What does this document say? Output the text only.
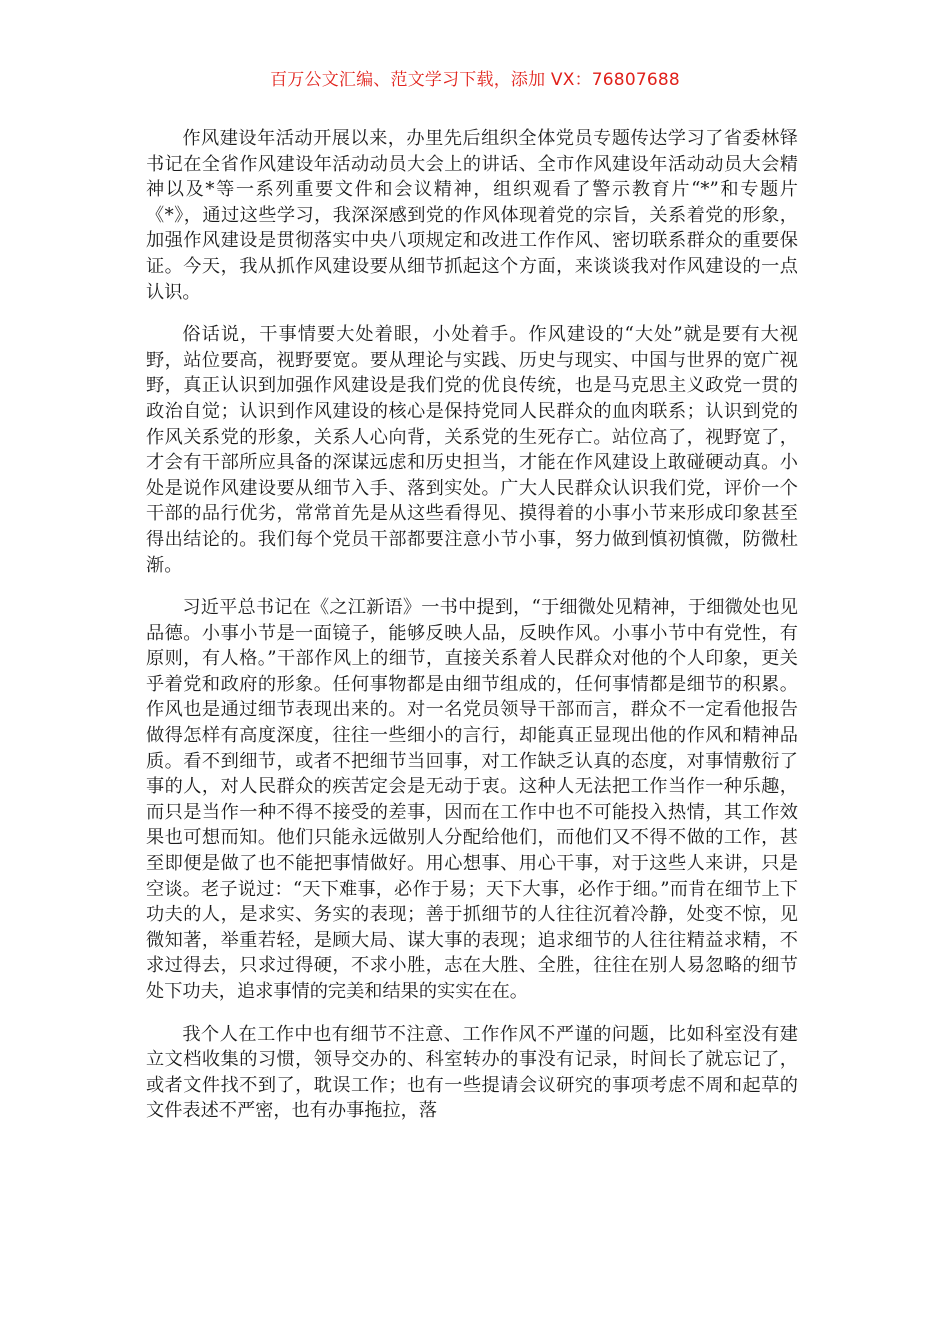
百万公文汇编、范文学习下载，添加 VX：76807688

作风建设年活动开展以来，办里先后组织全体党员专题传达学习了省委林铎书记在全省作风建设年活动动员大会上的讲话、全市作风建设年活动动员大会精神以及*等一系列重要文件和会议精神，组织观看了警示教育片“*”和专题片《*》，通过这些学习，我深深感到党的作风体现着党的宗旨，关系着党的形象，加强作风建设是贯彻落实中央八项规定和改进工作作风、密切联系群众的重要保证。今天，我从抓作风建设要从细节抓起这个方面，来谈谈我对作风建设的一点认识。

俗话说，干事情要大处着眼，小处着手。作风建设的“大处”就是要有大视野，站位要高，视野要宽。要从理论与实践、历史与现实、中国与世界的宽广视野，真正认识到加强作风建设是我们党的优良传统，也是马克思主义政党一贯的政治自觉；认识到作风建设的核心是保持党同人民群众的血肉联系；认识到党的作风关系党的形象，关系人心向背，关系党的生死存亡。站位高了，视野宽了，才会有干部所应具备的深谋远虑和历史担当，才能在作风建设上敢碰硬动真。小处是说作风建设要从细节入手、落到实处。广大人民群众认识我们党，评价一个干部的品行优劣，常常首先是从这些看得见、摸得着的小事小节来形成印象甚至得出结论的。我们每个党员干部都要注意小节小事，努力做到慎初慎微，防微杜渐。

习近平总书记在《之江新语》一书中提到，“于细微处见精神，于细微处也见品德。小事小节是一面镜子，能够反映人品，反映作风。小事小节中有党性，有原则，有人格。”干部作风上的细节，直接关系着人民群众对他的个人印象，更关乎着党和政府的形象。任何事物都是由细节组成的，任何事情都是细节的积累。作风也是通过细节表现出来的。对一名党员领导干部而言，群众不一定看他报告做得怎样有高度深度，往往一些细小的言行，却能真正显现出他的作风和精神品质。看不到细节，或者不把细节当回事，对工作缺乏认真的态度，对事情敷衍了事的人，对人民群众的疾苦定会是无动于衷。这种人无法把工作当作一种乐趣，而只是当作一种不得不接受的差事，因而在工作中也不可能投入热情，其工作效果也可想而知。他们只能永远做别人分配给他们，而他们又不得不做的工作，甚至即便是做了也不能把事情做好。用心想事、用心干事，对于这些人来讲，只是空谈。老子说过：“天下难事，必作于易；天下大事，必作于细。”而肯在细节上下功夫的人，是求实、务实的表现；善于抓细节的人往往沉着冷静，处变不惊，见微知著，举重若轻，是顾大局、谋大事的表现；追求细节的人往往精益求精，不求过得去，只求过得硬，不求小胜，志在大胜、全胜，往往在别人易忽略的细节处下功夫，追求事情的完美和结果的实实在在。

我个人在工作中也有细节不注意、工作作风不严谨的问题，比如科室没有建立文档收集的习惯，领导交办的、科室转办的事没有记录，时间长了就忘记了，或者文件找不到了，耽误工作；也有一些提请会议研究的事项考虑不周和起草的文件表述不严密，也有办事拖拉，落
